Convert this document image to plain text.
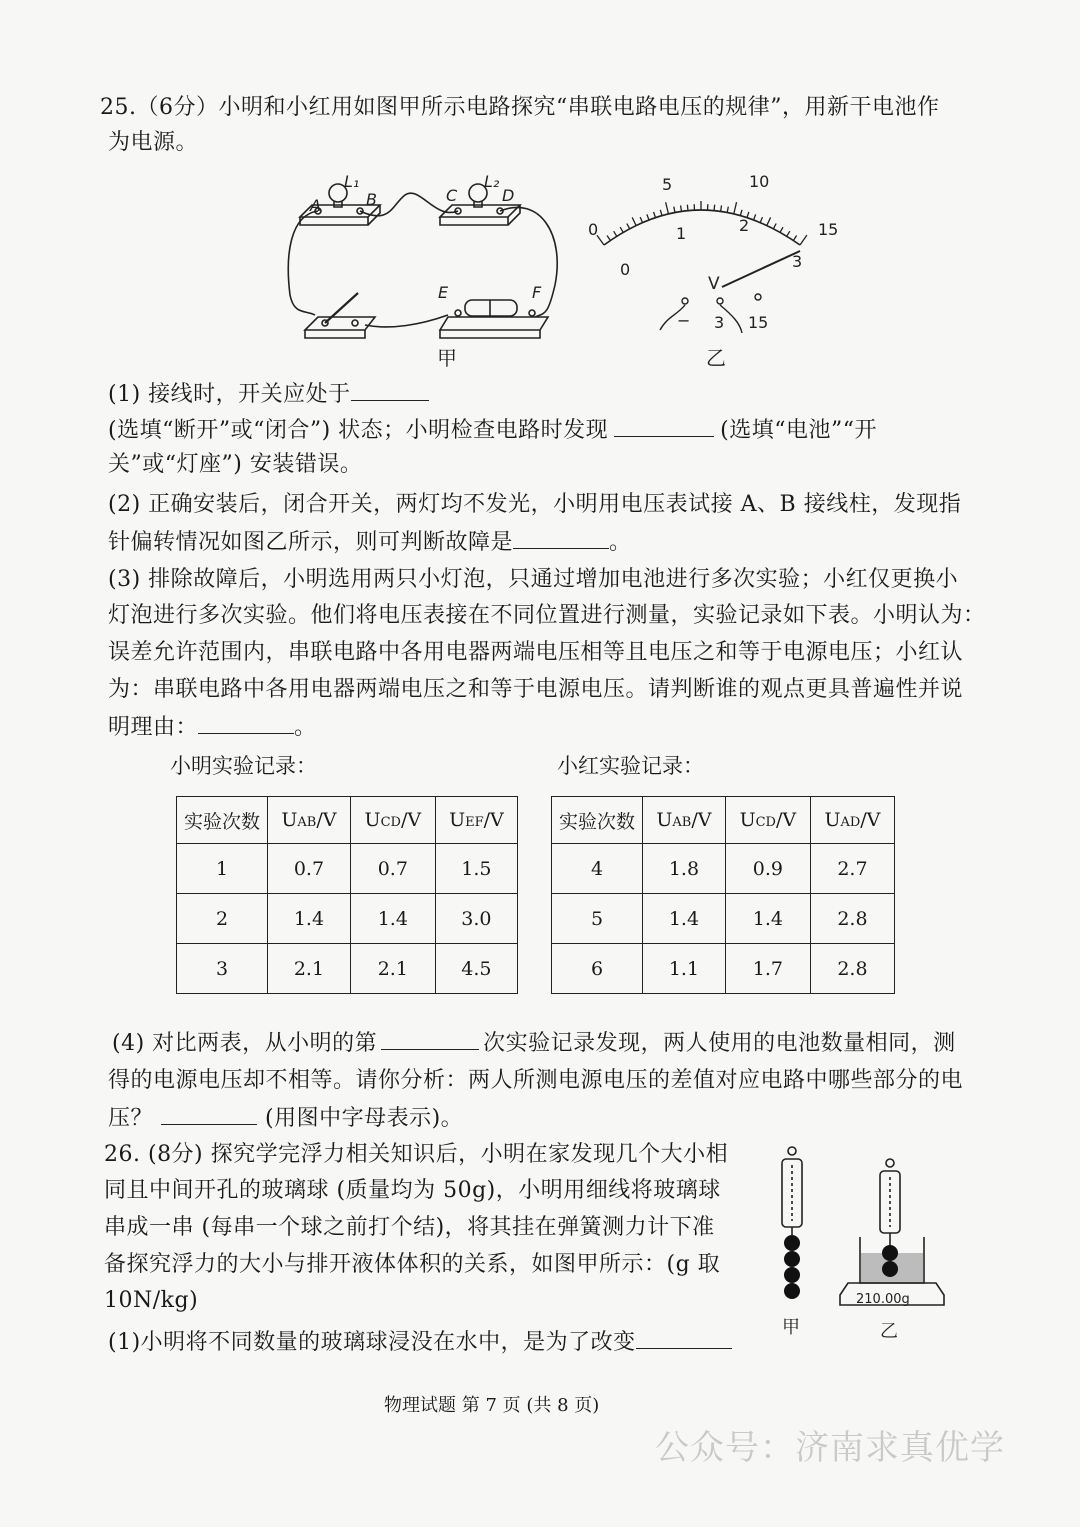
25.（6分）小明和小红用如图甲所示电路探究“串联电路电压的规律”，用新干电池作
为电源。
A	B
L₁
C	D
L₂
E	F
甲
0
5	10
15
0
1	2
3
V
− 3 15
乙
(1) 接线时，开关应处于
(选填“断开”或“闭合”) 状态；小明检查电路时发现	(选填“电池”“开
关”或“灯座”) 安装错误。
(2) 正确安装后，闭合开关，两灯均不发光，小明用电压表试接 A、B 接线柱，发现指
针偏转情况如图乙所示，则可判断故障是	。
(3) 排除故障后，小明选用两只小灯泡，只通过增加电池进行多次实验；小红仅更换小
灯泡进行多次实验。他们将电压表接在不同位置进行测量，实验记录如下表。小明认为：
误差允许范围内，串联电路中各用电器两端电压相等且电压之和等于电源电压；小红认
为：串联电路中各用电器两端电压之和等于电源电压。请判断谁的观点更具普遍性并说
明理由：	。
小明实验记录：	小红实验记录：
实验次数	UAB/V	UCD/V	UEF/V
1	0.7	0.7	1.5
2	1.4	1.4	3.0
3	2.1	2.1	4.5
实验次数	UAB/V	UCD/V	UAD/V
4	1.8	0.9	2.7
5	1.4	1.4	2.8
6	1.1	1.7	2.8
(4) 对比两表，从小明的第	次实验记录发现，两人使用的电池数量相同，测
得的电源电压却不相等。请你分析：两人所测电源电压的差值对应电路中哪些部分的电
压？	(用图中字母表示)。
26. (8分) 探究学完浮力相关知识后，小明在家发现几个大小相
同且中间开孔的玻璃球 (质量均为 50g)，小明用细线将玻璃球
串成一串 (每串一个球之前打个结)，将其挂在弹簧测力计下准
备探究浮力的大小与排开液体体积的关系，如图甲所示：(g 取
10N/kg)
(1)小明将不同数量的玻璃球浸没在水中，是为了改变
210.00g
甲	乙
物理试题 第 7 页 (共 8 页)
公众号：济南求真优学
